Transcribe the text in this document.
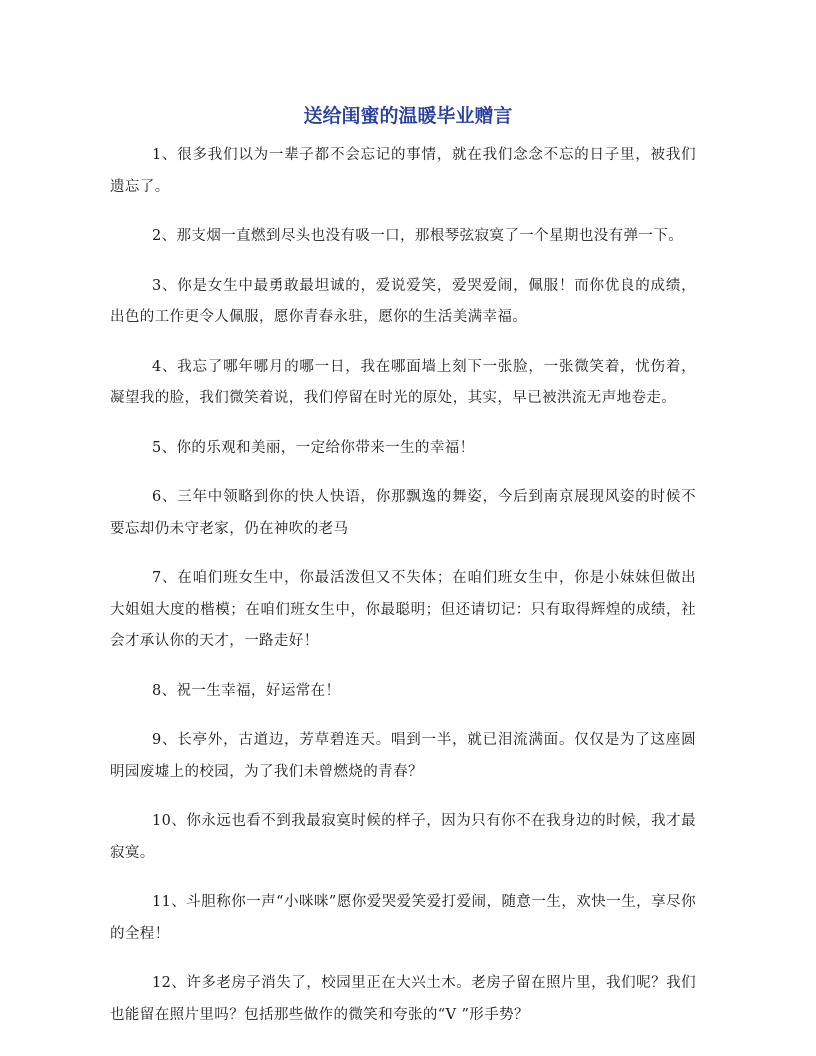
送给闺蜜的温暖毕业赠言

1、很多我们以为一辈子都不会忘记的事情，就在我们念念不忘的日子里，被我们遗忘了。

2、那支烟一直燃到尽头也没有吸一口，那根琴弦寂寞了一个星期也没有弹一下。

3、你是女生中最勇敢最坦诚的，爱说爱笑，爱哭爱闹，佩服！而你优良的成绩，出色的工作更令人佩服，愿你青春永驻，愿你的生活美满幸福。

4、我忘了哪年哪月的哪一日，我在哪面墙上刻下一张脸，一张微笑着，忧伤着，凝望我的脸，我们微笑着说，我们停留在时光的原处，其实，早已被洪流无声地卷走。

5、你的乐观和美丽，一定给你带来一生的幸福！

6、三年中领略到你的快人快语，你那飘逸的舞姿，今后到南京展现风姿的时候不要忘却仍未守老家，仍在神吹的老马

7、在咱们班女生中，你最活泼但又不失体；在咱们班女生中，你是小妹妹但做出大姐姐大度的楷模；在咱们班女生中，你最聪明；但还请切记：只有取得辉煌的成绩，社会才承认你的天才，一路走好！

8、祝一生幸福，好运常在！

9、长亭外，古道边，芳草碧连天。唱到一半，就已泪流满面。仅仅是为了这座圆明园废墟上的校园，为了我们未曾燃烧的青春？

10、你永远也看不到我最寂寞时候的样子，因为只有你不在我身边的时候，我才最寂寞。

11、斗胆称你一声“小咪咪”愿你爱哭爱笑爱打爱闹，随意一生，欢快一生，享尽你的全程！

12、许多老房子消失了，校园里正在大兴土木。老房子留在照片里，我们呢？我们也能留在照片里吗？包括那些做作的微笑和夸张的“V ”形手势？
